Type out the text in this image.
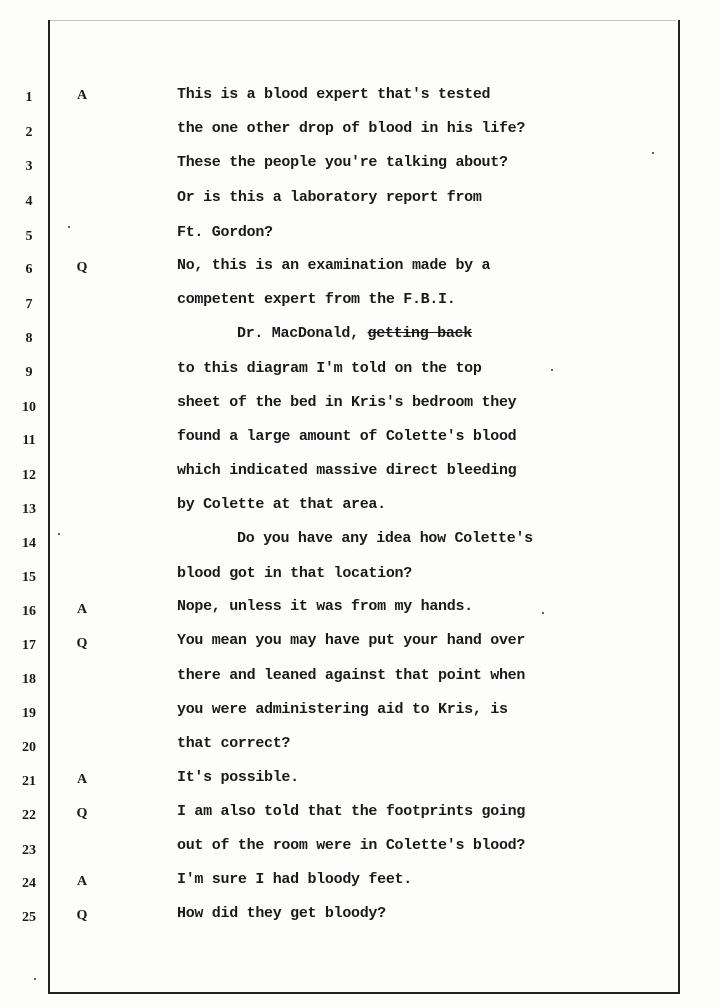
1
2
3
4
5
6
7
8
9
10
11
12
13
14
15
16
17
18
19
20
21
22
23
24
25
A
Q
A
Q
A
Q
A
Q
This is a blood expert that's tested
the one other drop of blood in his life?
These the people you're talking about?
Or is this a laboratory report from
Ft. Gordon?
No, this is an examination made by a
competent expert from the F.B.I.
Dr. MacDonald, getting back
to this diagram I'm told on the top
sheet of the bed in Kris's bedroom they
found a large amount of Colette's blood
which indicated massive direct bleeding
by Colette at that area.
Do you have any idea how Colette's
blood got in that location?
Nope, unless it was from my hands.
You mean you may have put your hand over
there and leaned against that point when
you were administering aid to Kris, is
that correct?
It's possible.
I am also told that the footprints going
out of the room were in Colette's blood?
I'm sure I had bloody feet.
How did they get bloody?
